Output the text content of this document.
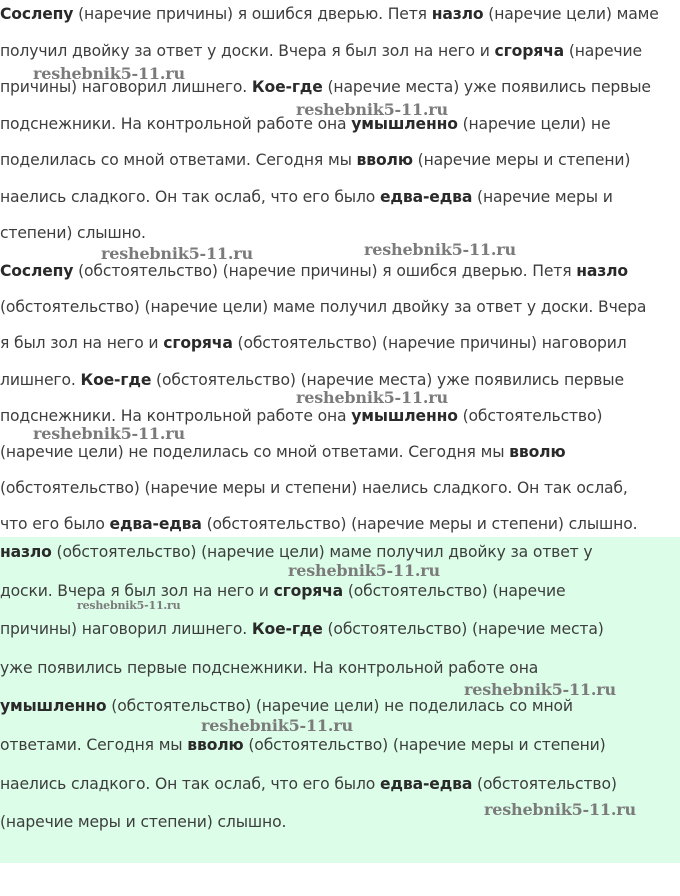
Сослепу (наречие причины) я ошибся дверью. Петя назло (наречие цели) маме
получил двойку за ответ у доски. Вчера я был зол на него и сгоряча (наречие
причины) наговорил лишнего. Кое-где (наречие места) уже появились первые
подснежники. На контрольной работе она умышленно (наречие цели) не
поделилась со мной ответами. Сегодня мы вволю (наречие меры и степени)
наелись сладкого. Он так ослаб, что его было едва-едва (наречие меры и
степени) слышно.
Сослепу (обстоятельство) (наречие причины) я ошибся дверью. Петя назло
(обстоятельство) (наречие цели) маме получил двойку за ответ у доски. Вчера
я был зол на него и сгоряча (обстоятельство) (наречие причины) наговорил
лишнего. Кое-где (обстоятельство) (наречие места) уже появились первые
подснежники. На контрольной работе она умышленно (обстоятельство)
(наречие цели) не поделилась со мной ответами. Сегодня мы вволю
(обстоятельство) (наречие меры и степени) наелись сладкого. Он так ослаб,
что его было едва-едва (обстоятельство) (наречие меры и степени) слышно.
назло (обстоятельство) (наречие цели) маме получил двойку за ответ у
доски. Вчера я был зол на него и сгоряча (обстоятельство) (наречие
причины) наговорил лишнего. Кое-где (обстоятельство) (наречие места)
уже появились первые подснежники. На контрольной работе она
умышленно (обстоятельство) (наречие цели) не поделилась со мной
ответами. Сегодня мы вволю (обстоятельство) (наречие меры и степени)
наелись сладкого. Он так ослаб, что его было едва-едва (обстоятельство)
(наречие меры и степени) слышно.
reshebnik5-11.ru
reshebnik5-11.ru
reshebnik5-11.ru	reshebnik5-11.ru
reshebnik5-11.ru
reshebnik5-11.ru
reshebnik5-11.ru
reshebnik5-11.ru
reshebnik5-11.ru
reshebnik5-11.ru
reshebnik5-11.ru
